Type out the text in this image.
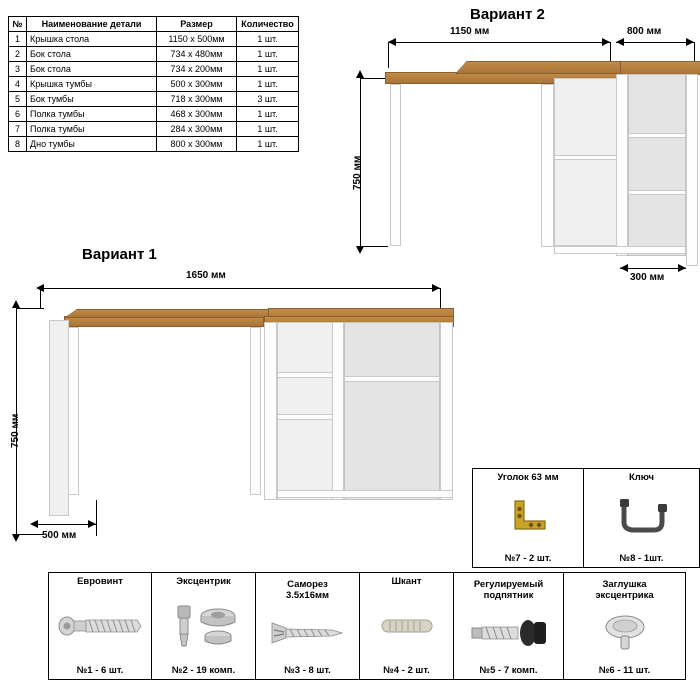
№	Наименование детали	Размер	Количество
1	Крышка стола	1150 x 500мм	1 шт.
2	Бок стола	734 x 480мм	1 шт.
3	Бок стола	734 x 200мм	1 шт.
4	Крышка тумбы	500 x 300мм	1 шт.
5	Бок тумбы	718 x 300мм	3 шт.
6	Полка тумбы	468 x 300мм	1 шт.
7	Полка тумбы	284 x 300мм	1 шт.
8	Дно тумбы	800 x 300мм	1 шт.
Вариант 2
1150 мм	800 мм
750 мм
300 мм
Вариант 1
1650 мм
750 мм
500 мм
Уголок 63 мм
№7 - 2 шт.
Ключ
№8 - 1шт.
Евровинт
№1 - 6 шт.
Эксцентрик
№2 - 19 комп.
Саморез
3.5x16мм
№3 - 8 шт.
Шкант
№4 - 2 шт.
Регулируемый
подпятник
№5 - 7 комп.
Заглушка
эксцентрика
№6 - 11 шт.
